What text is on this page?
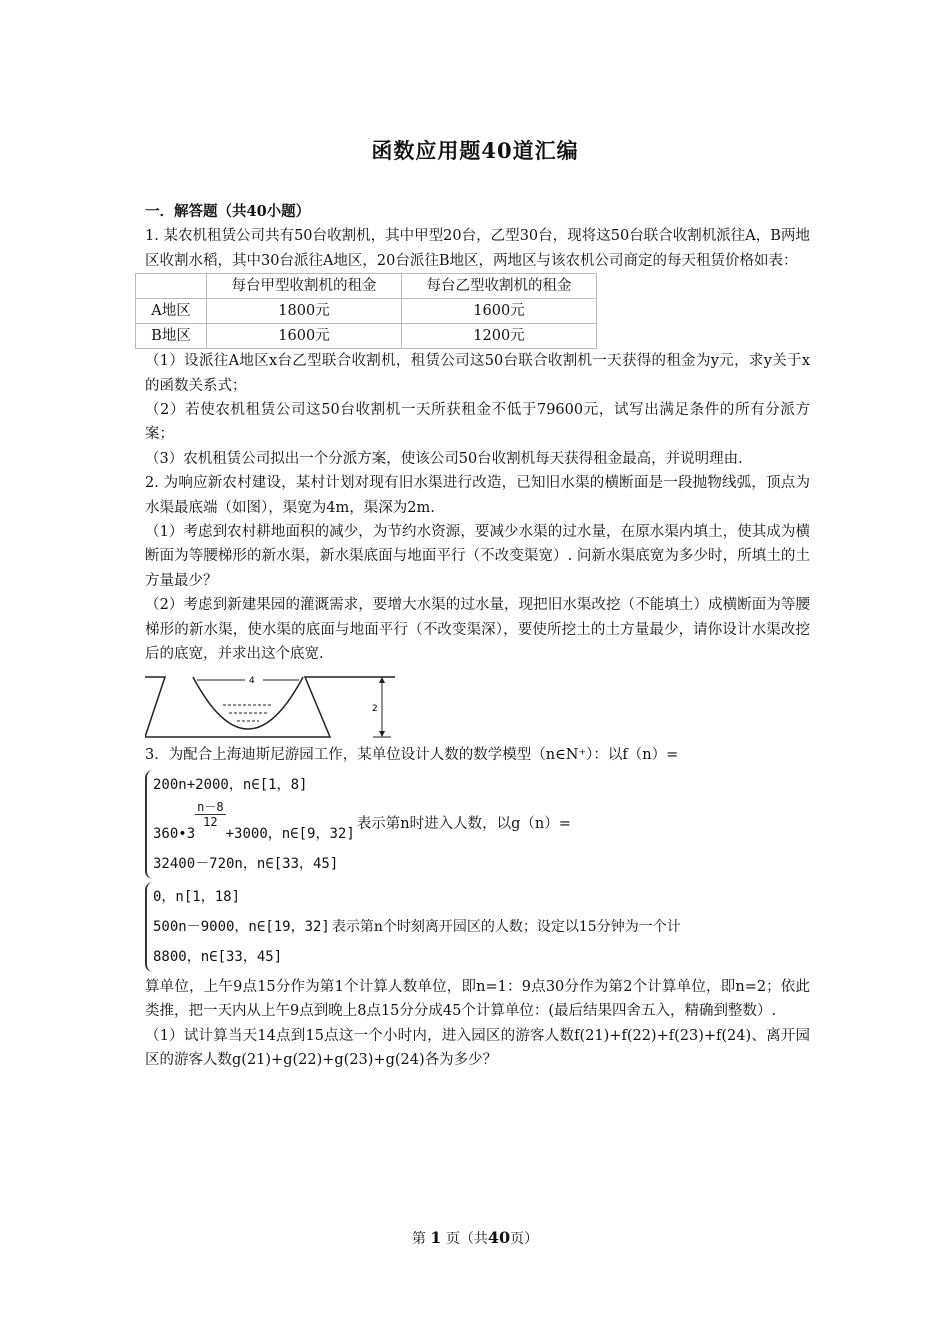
函数应用题40道汇编

一．解答题（共40小题）

1. 某农机租赁公司共有50台收割机，其中甲型20台，乙型30台，现将这50台联合收割机派往A，B两地区收割水稻，其中30台派往A地区，20台派往B地区，两地区与该农机公司商定的每天租赁价格如表：

	每台甲型收割机的租金	每台乙型收割机的租金
A地区	1800元	1600元
B地区	1600元	1200元

（1）设派往A地区x台乙型联合收割机，租赁公司这50台联合收割机一天获得的租金为y元，求y关于x的函数关系式；

（2）若使农机租赁公司这50台收割机一天所获租金不低于79600元，试写出满足条件的所有分派方案；

（3）农机租赁公司拟出一个分派方案，使该公司50台收割机每天获得租金最高，并说明理由.

2. 为响应新农村建设，某村计划对现有旧水渠进行改造，已知旧水渠的横断面是一段抛物线弧，顶点为水渠最底端（如图），渠宽为4m，渠深为2m.

（1）考虑到农村耕地面积的减少，为节约水资源，要减少水渠的过水量，在原水渠内填土，使其成为横断面为等腰梯形的新水渠，新水渠底面与地面平行（不改变渠宽）. 问新水渠底宽为多少时，所填土的土方量最少？

（2）考虑到新建果园的灌溉需求，要增大水渠的过水量，现把旧水渠改挖（不能填土）成横断面为等腰梯形的新水渠，使水渠的底面与地面平行（不改变渠深），要使所挖土的土方量最少，请你设计水渠改挖后的底宽，并求出这个底宽.

4
2

3．为配合上海迪斯尼游园工作，某单位设计人数的数学模型（n∈N⁺）：以f（n）=

200n+2000，n∈[1，8]
360•3
$\frac{n-8}{12}$
+3000，n∈[9，32]
32400－720n，n∈[33，45]
表示第n时进入人数，以g（n）=
0，n[1，18]
500n－9000，n∈[19，32] 表示第n个时刻离开园区的人数；设定以15分钟为一个计
8800，n∈[33，45]

算单位，上午9点15分作为第1个计算人数单位，即n=1：9点30分作为第2个计算单位，即n=2；依此类推，把一天内从上午9点到晚上8点15分分成45个计算单位：(最后结果四舍五入，精确到整数）.

（1）试计算当天14点到15点这一个小时内，进入园区的游客人数f(21)+f(22)+f(23)+f(24)、离开园区的游客人数g(21)+g(22)+g(23)+g(24)各为多少？

第 1 页（共40页）
